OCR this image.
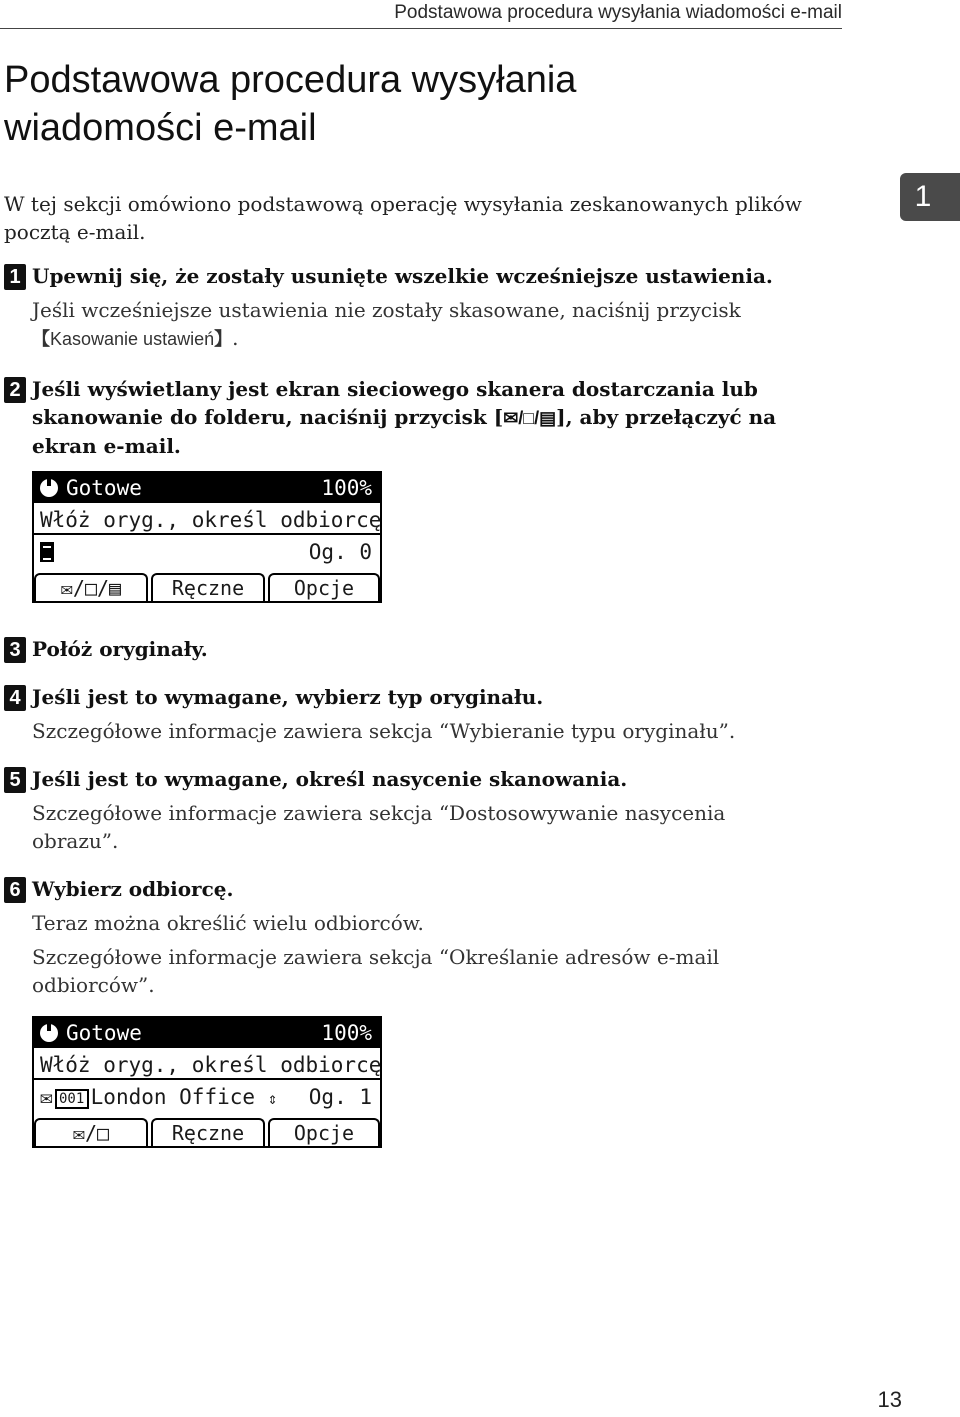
Podstawowa procedura wysyłania wiadomości e-mail
Podstawowa procedura wysyłania wiadomości e-mail
1

W tej sekcji omówiono podstawową operację wysyłania zeskanowanych plików pocztą e-mail.

1 Upewnij się, że zostały usunięte wszelkie wcześniejsze ustawienia.
Jeśli wcześniejsze ustawienia nie zostały skasowane, naciśnij przycisk
【Kasowanie ustawień】.
2 Jeśli wyświetlany jest ekran sieciowego skanera dostarczania lub skanowanie do folderu, naciśnij przycisk [✉/□/▤], aby przełączyć na ekran e-mail.
Gotowe	100%
Włóż oryg., określ odbiorcę
Og. 0
✉/□/▤	Ręczne	Opcje
3 Połóż oryginały.
4 Jeśli jest to wymagane, wybierz typ oryginału.
Szczegółowe informacje zawiera sekcja “Wybieranie typu oryginału”.
5 Jeśli jest to wymagane, określ nasycenie skanowania.
Szczegółowe informacje zawiera sekcja “Dostosowywanie nasycenia obrazu”.
6 Wybierz odbiorcę.
Teraz można określić wielu odbiorców.
Szczegółowe informacje zawiera sekcja “Określanie adresów e-mail odbiorców”.
Gotowe	100%
Włóż oryg., określ odbiorcę
✉ 001 London Office ⇕ Og. 1
✉/□	Ręczne	Opcje
13
